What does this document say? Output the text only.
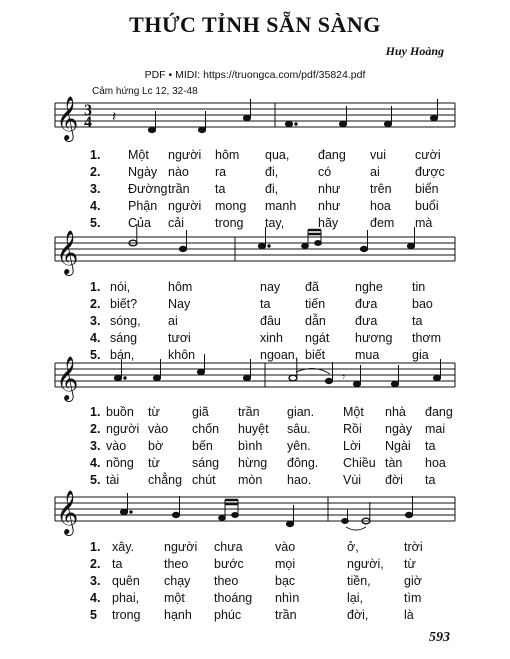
THỨC TỈNH SẴN SÀNG
Huy Hoàng
PDF • MIDI: https://truongca.com/pdf/35824.pdf
Cảm hứng Lc 12, 32-48
𝄞
𝄞
𝄞
𝄞
3
4 𝄽
𝄾
1. Một người hôm qua, đang vui cười
2. Ngày nào ra	đi,	có	ai	được
3. Đường trần ta	đi,	như trên biển
4. Phận người mong manh như hoa buổi
5. Của cải trong tay,	hãy	đem mà
1. nói,	hôm	nay đã	nghe tin
2. biết? Nay	ta	tiến đưa	bao
3. sóng, ai	đâu dẫn đưa	ta
4. sáng tươi	xinh ngát hương thơm
5. bán,	khôn	ngoan, biết mua	gia
1. buồn từ	giã trần gian. Một nhà đang
2. người vào chốn huyệt sâu.	Rồi ngày mai
3. vào bờ bến bình yên.	Lời Ngài ta
4. nồng từ	sáng hừng đông. Chiều tàn hoa
5. tài chẳng chút mòn hao.	Vùi đời ta
1. xây. người chưa	vào	ở,	trời
2. ta	theo bước mọi	người, từ
3. quên chạy theo	bạc	tiền,	giờ
4. phai, một thoáng nhìn	lại,	tìm
5 trong hạnh phúc	trần	đời,	là
593
